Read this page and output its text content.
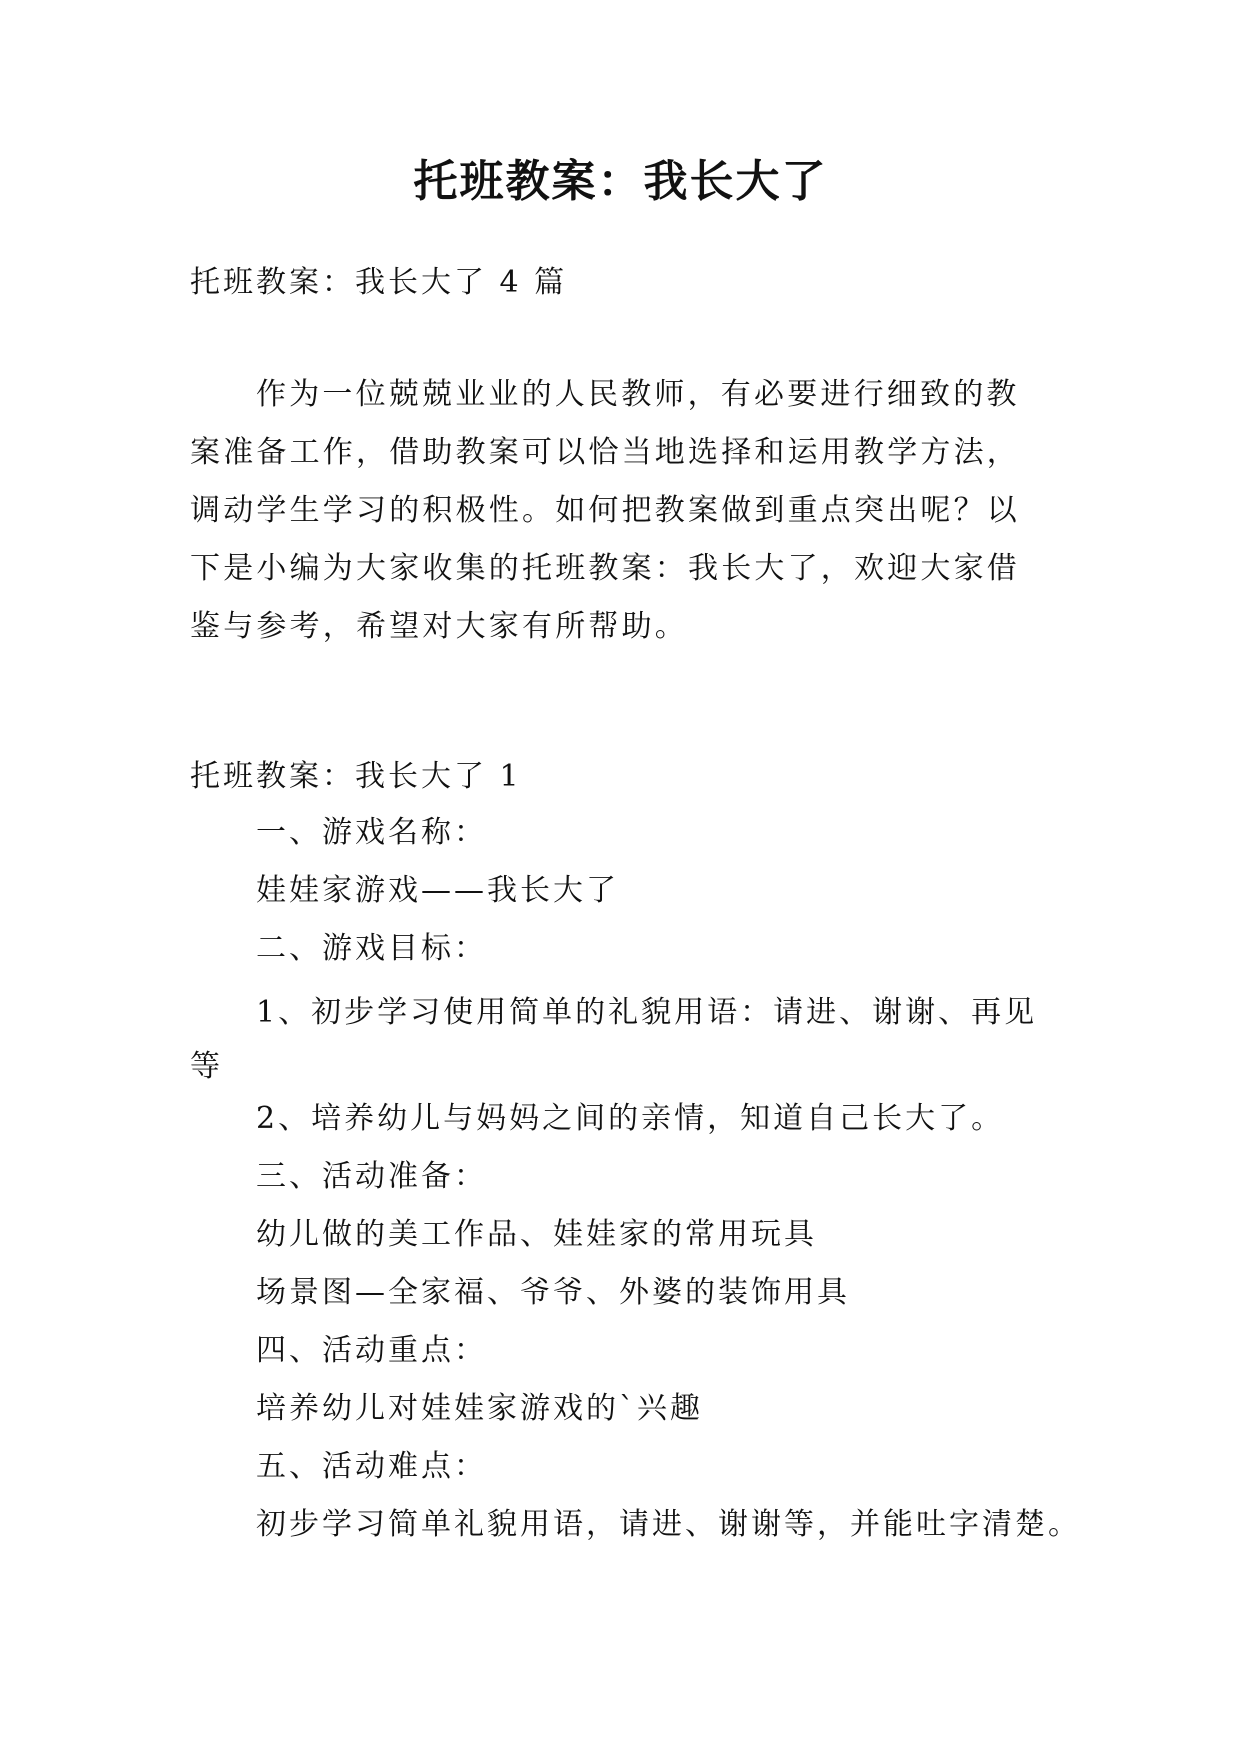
托班教案：我长大了
托班教案：我长大了 4 篇
作为一位兢兢业业的人民教师，有必要进行细致的教案准备工作，借助教案可以恰当地选择和运用教学方法，调动学生学习的积极性。如何把教案做到重点突出呢？以下是小编为大家收集的托班教案：我长大了，欢迎大家借鉴与参考，希望对大家有所帮助。
托班教案：我长大了 1
一、游戏名称：
娃娃家游戏——我长大了
二、游戏目标：
1、初步学习使用简单的礼貌用语：请进、谢谢、再见等
2、培养幼儿与妈妈之间的亲情，知道自己长大了。
三、活动准备：
幼儿做的美工作品、娃娃家的常用玩具
场景图—全家福、爷爷、外婆的装饰用具
四、活动重点：
培养幼儿对娃娃家游戏的`兴趣
五、活动难点：
初步学习简单礼貌用语，请进、谢谢等，并能吐字清楚。
